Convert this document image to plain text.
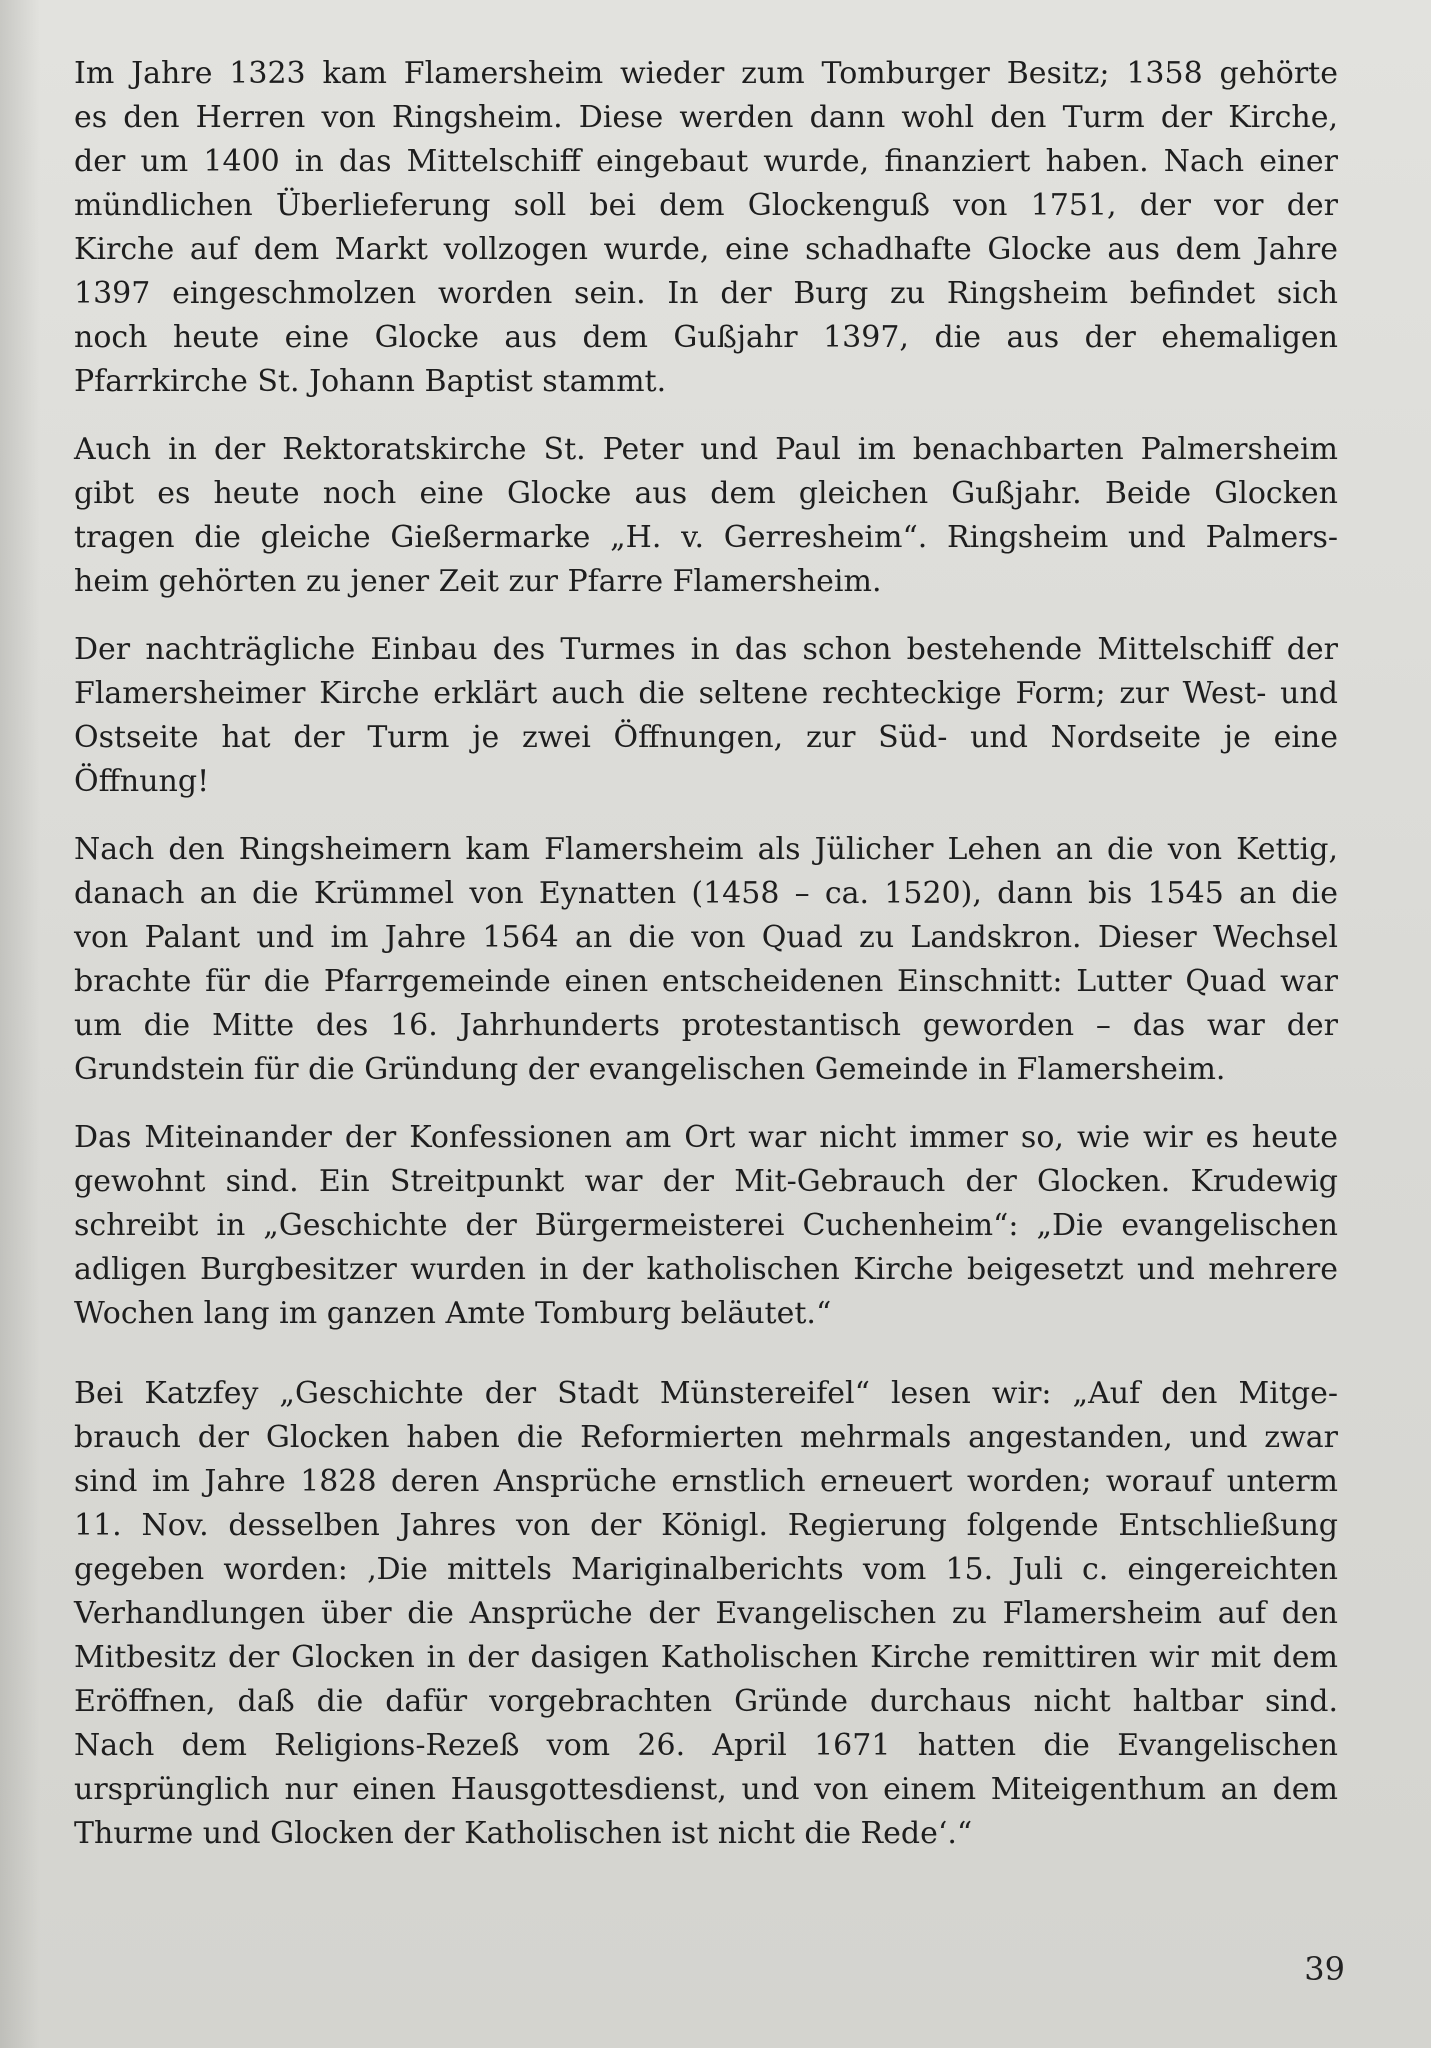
Im Jahre 1323 kam Flamersheim wieder zum Tomburger Besitz; 1358 gehörte
es den Herren von Ringsheim. Diese werden dann wohl den Turm der Kirche,
der um 1400 in das Mittelschiff eingebaut wurde, finanziert haben. Nach einer
mündlichen Überlieferung soll bei dem Glockenguß von 1751, der vor der
Kirche auf dem Markt vollzogen wurde, eine schadhafte Glocke aus dem Jahre
1397 eingeschmolzen worden sein. In der Burg zu Ringsheim befindet sich
noch heute eine Glocke aus dem Gußjahr 1397, die aus der ehemaligen
Pfarrkirche St. Johann Baptist stammt.

Auch in der Rektoratskirche St. Peter und Paul im benachbarten Palmersheim
gibt es heute noch eine Glocke aus dem gleichen Gußjahr. Beide Glocken
tragen die gleiche Gießermarke „H. v. Gerresheim“. Ringsheim und Palmers-
heim gehörten zu jener Zeit zur Pfarre Flamersheim.

Der nachträgliche Einbau des Turmes in das schon bestehende Mittelschiff der
Flamersheimer Kirche erklärt auch die seltene rechteckige Form; zur West- und
Ostseite hat der Turm je zwei Öffnungen, zur Süd- und Nordseite je eine
Öffnung!

Nach den Ringsheimern kam Flamersheim als Jülicher Lehen an die von Kettig,
danach an die Krümmel von Eynatten (1458 – ca. 1520), dann bis 1545 an die
von Palant und im Jahre 1564 an die von Quad zu Landskron. Dieser Wechsel
brachte für die Pfarrgemeinde einen entscheidenen Einschnitt: Lutter Quad war
um die Mitte des 16. Jahrhunderts protestantisch geworden – das war der
Grundstein für die Gründung der evangelischen Gemeinde in Flamersheim.

Das Miteinander der Konfessionen am Ort war nicht immer so, wie wir es heute
gewohnt sind. Ein Streitpunkt war der Mit-Gebrauch der Glocken. Krudewig
schreibt in „Geschichte der Bürgermeisterei Cuchenheim“: „Die evangelischen
adligen Burgbesitzer wurden in der katholischen Kirche beigesetzt und mehrere
Wochen lang im ganzen Amte Tomburg beläutet.“

Bei Katzfey „Geschichte der Stadt Münstereifel“ lesen wir: „Auf den Mitge-
brauch der Glocken haben die Reformierten mehrmals angestanden, und zwar
sind im Jahre 1828 deren Ansprüche ernstlich erneuert worden; worauf unterm
11. Nov. desselben Jahres von der Königl. Regierung folgende Entschließung
gegeben worden: ‚Die mittels Mariginalberichts vom 15. Juli c. eingereichten
Verhandlungen über die Ansprüche der Evangelischen zu Flamersheim auf den
Mitbesitz der Glocken in der dasigen Katholischen Kirche remittiren wir mit dem
Eröffnen, daß die dafür vorgebrachten Gründe durchaus nicht haltbar sind.
Nach dem Religions-Rezeß vom 26. April 1671 hatten die Evangelischen
ursprünglich nur einen Hausgottesdienst, und von einem Miteigenthum an dem
Thurme und Glocken der Katholischen ist nicht die Rede‘.“

39
